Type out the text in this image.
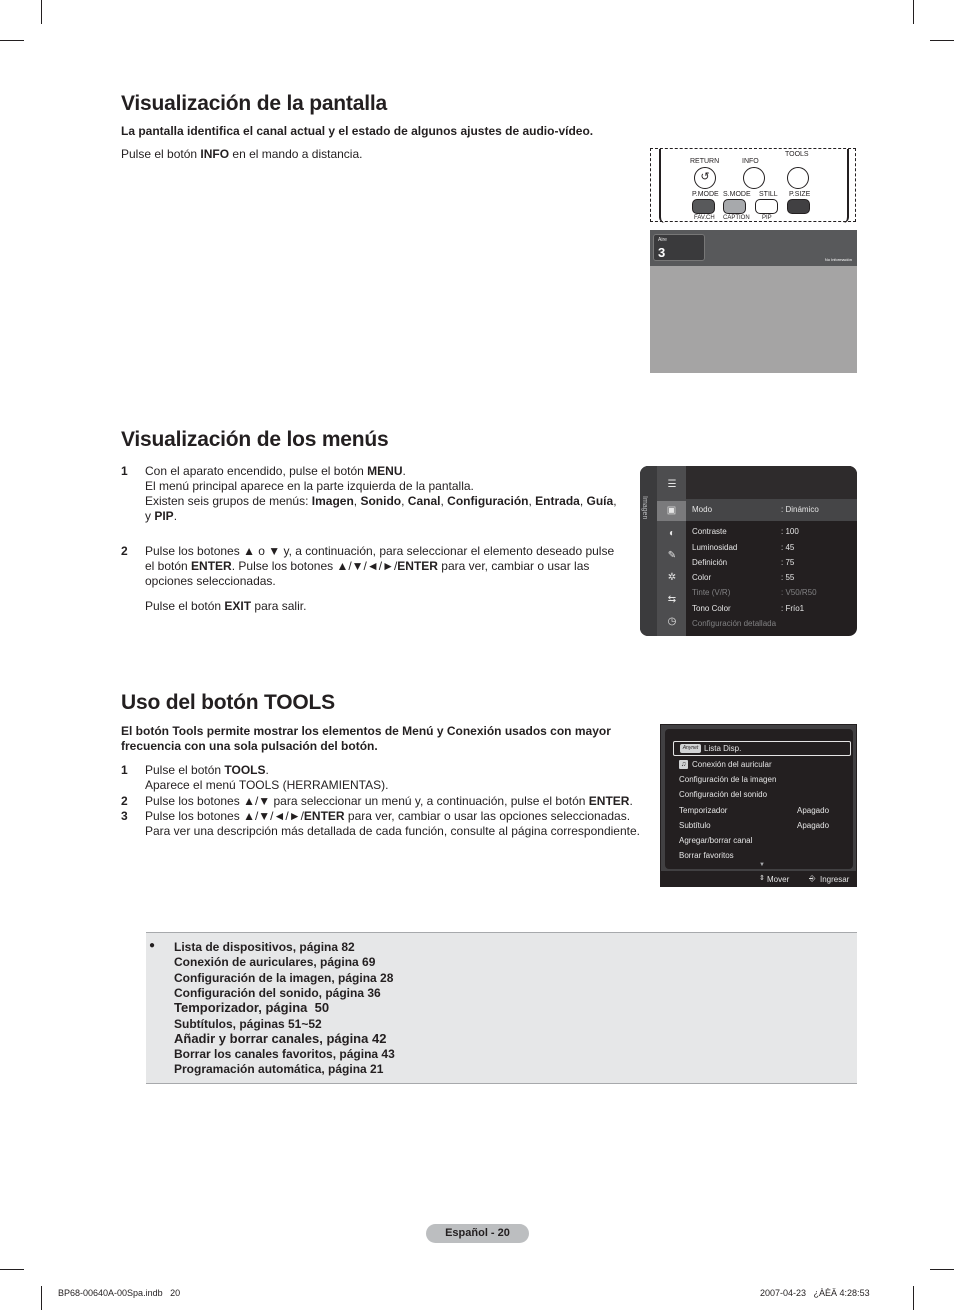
Visualización de la pantalla
La pantalla identifica el canal actual y el estado de algunos ajustes de audio-vídeo.
Pulse el botón INFO en el mando a distancia.
RETURN	INFO
TOOLS
↺
P.MODE S.MODE STILL P.SIZE
FAV.CH CAPTION PIP
Aire
3	No Información
Visualización de los menús
1 Con el aparato encendido, pulse el botón MENU.
El menú principal aparece en la parte izquierda de la pantalla.
Existen seis grupos de menús: Imagen, Sonido, Canal, Configuración, Entrada, Guía,
y PIP.
2 Pulse los botones ▲ o ▼ y, a continuación, para seleccionar el elemento deseado pulse
el botón ENTER. Pulse los botones ▲/▼/◄/►/ENTER para ver, cambiar o usar las
opciones seleccionadas.
Pulse el botón EXIT para salir.
Imagen
☰
▣
◐
✎
✲
⇆
◷
Modo	: Dinámico
Contraste	: 100
Luminosidad	: 45
Definición	: 75
Color	: 55
Tinte (V/R)	: V50/R50
Tono Color	: Frío1
Configuración detallada
Uso del botón TOOLS
El botón Tools permite mostrar los elementos de Menú y Conexión usados con mayor
frecuencia con una sola pulsación del botón.
1 Pulse el botón TOOLS.
Aparece el menú TOOLS (HERRAMIENTAS).
2 Pulse los botones ▲/▼ para seleccionar un menú y, a continuación, pulse el botón ENTER.
3 Pulse los botones ▲/▼/◄/►/ENTER para ver, cambiar o usar las opciones seleccionadas.
Para ver una descripción más detallada de cada función, consulte al página correspondiente.
Anynet Lista Disp.
♫ Conexión del auricular
Configuración de la imagen
Configuración del sonido
Temporizador	Apagado
Subtítulo	Apagado
Agregar/borrar canal
Borrar favoritos
▼
⇕ Mover ⎆ Ingresar
● Lista de dispositivos, página 82
Conexión de auriculares, página 69
Configuración de la imagen, página 28
Configuración del sonido, página 36
Temporizador, página  50
Subtítulos, páginas 51~52
Añadir y borrar canales, página 42
Borrar los canales favoritos, página 43
Programación automática, página 21
Español - 20
BP68-00640A-00Spa.indb   20	2007-04-23   ¿ÀÈÄ 4:28:53
